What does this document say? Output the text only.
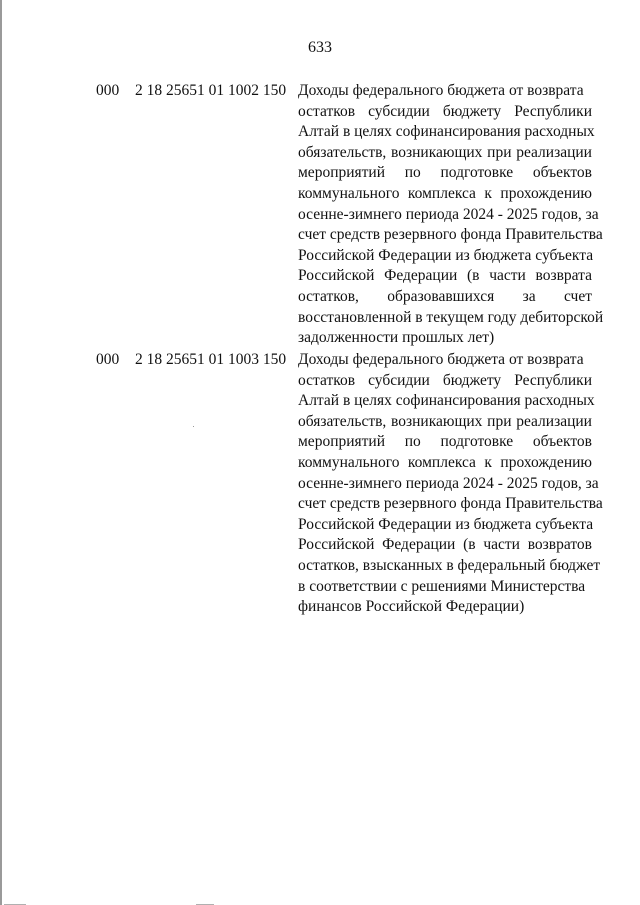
633
000 2 18 25651 01 1002 150 Доходы федерального бюджета от возврата
остатков субсидии бюджету Республики
Алтай в целях софинансирования расходных
обязательств, возникающих при реализации
мероприятий по подготовке объектов
коммунального комплекса к прохождению
осенне-зимнего периода 2024 - 2025 годов, за
счет средств резервного фонда Правительства
Российской Федерации из бюджета субъекта
Российской Федерации (в части возврата
остатков, образовавшихся за счет
восстановленной в текущем году дебиторской
задолженности прошлых лет)
000 2 18 25651 01 1003 150 Доходы федерального бюджета от возврата
остатков субсидии бюджету Республики
Алтай в целях софинансирования расходных
обязательств, возникающих при реализации
мероприятий по подготовке объектов
коммунального комплекса к прохождению
осенне-зимнего периода 2024 - 2025 годов, за
счет средств резервного фонда Правительства
Российской Федерации из бюджета субъекта
Российской Федерации (в части возвратов
остатков, взысканных в федеральный бюджет
в соответствии с решениями Министерства
финансов Российской Федерации)
